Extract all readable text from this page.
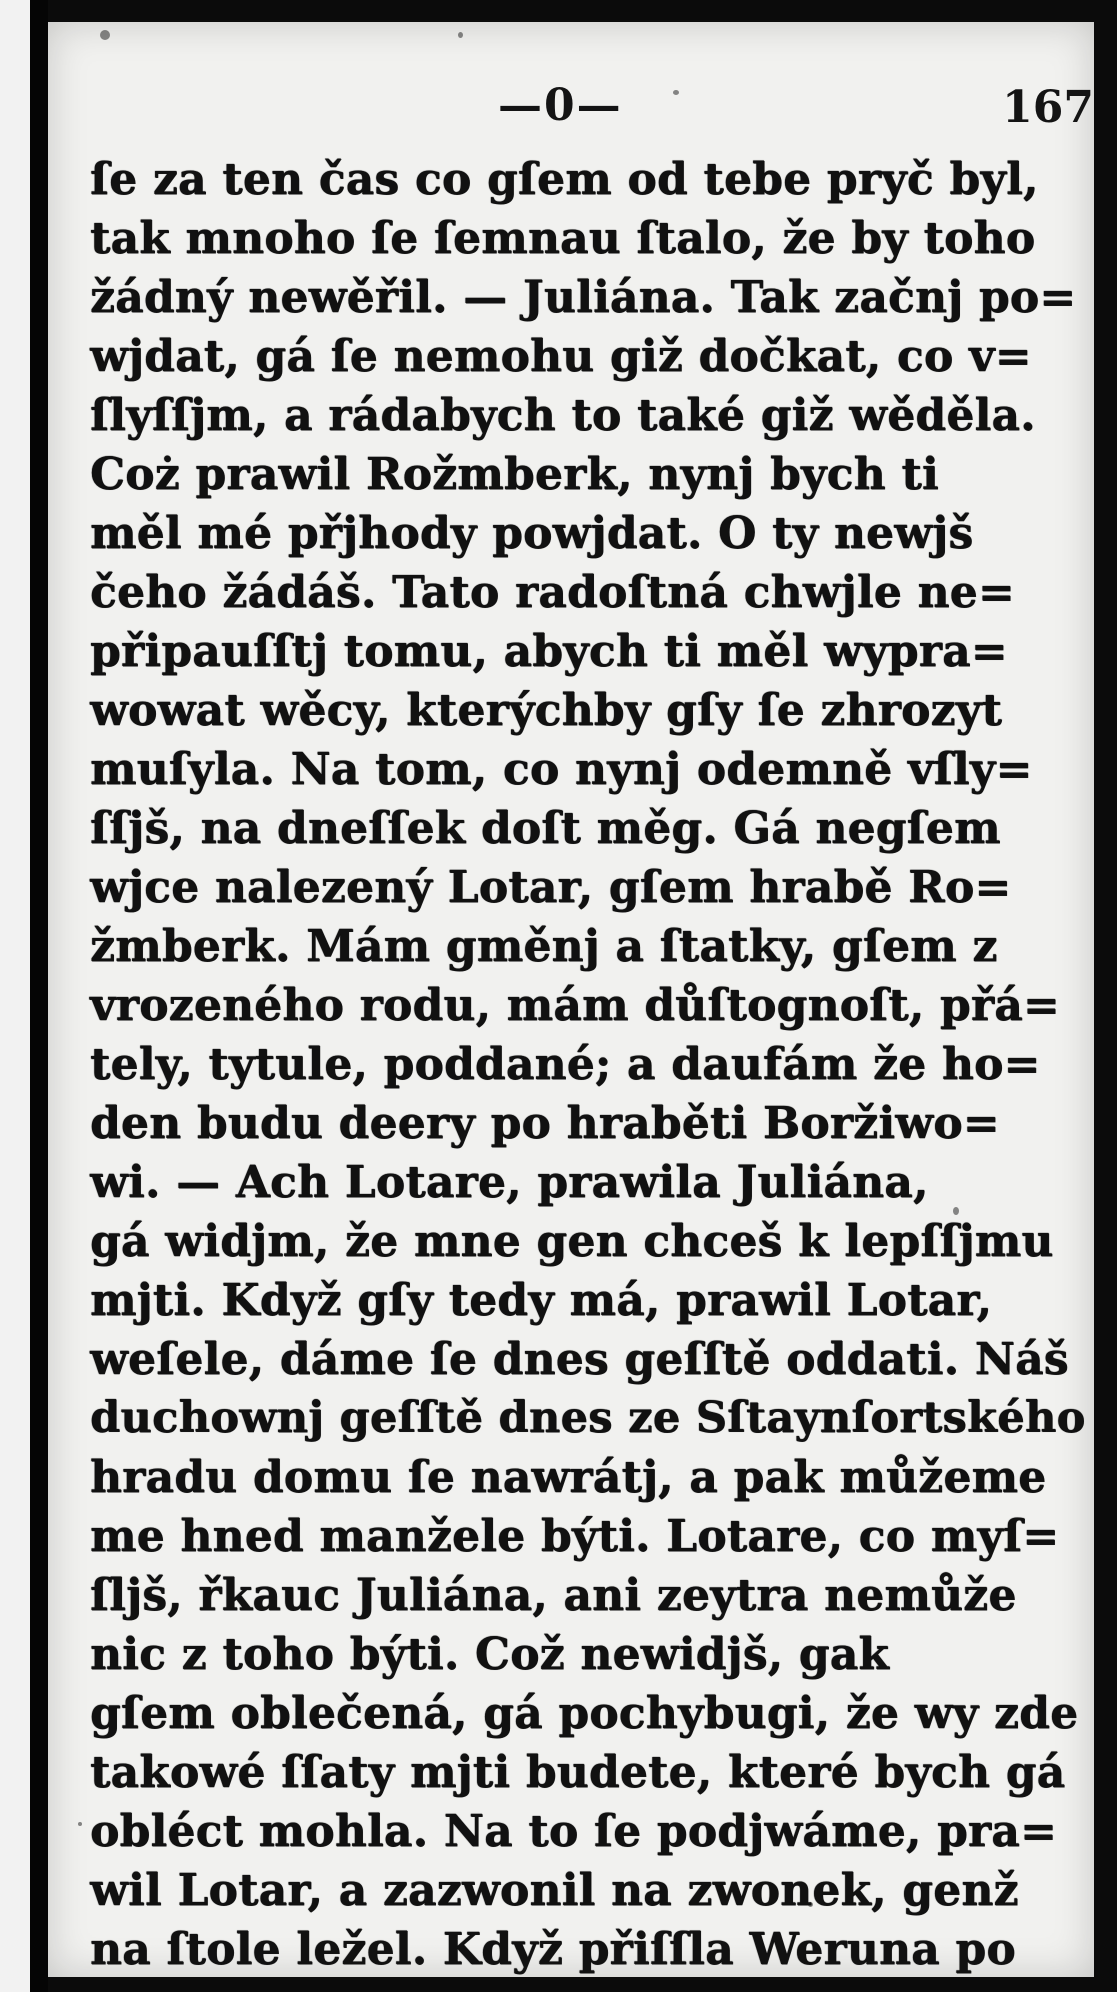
—0—	167
ſe za ten čas co gſem od tebe pryč byl,
tak mnoho ſe ſemnau ſtalo, že by toho
žádný newěřil. — Juliána. Tak začnj po=
wjdat, gá ſe nemohu giž dočkat, co v=
ſlyſſjm, a rádabych to také giž wěděla.
Coż prawil Rožmberk, nynj bych ti
měl mé přjhody powjdat. O ty newjš
čeho žádáš. Tato radoſtná chwjle ne=
připauſſtj tomu, abych ti měl wypra=
wowat wěcy, kterýchby gſy ſe zhrozyt
muſyla. Na tom, co nynj odemně vſly=
ſſjš, na dneſſek doſt měg. Gá negſem
wjce nalezený Lotar, gſem hrabě Ro=
žmberk. Mám gměnj a ſtatky, gſem z
vrozeného rodu, mám důſtognoſt, přá=
tely, tytule, poddané; a daufám že ho=
den budu deery po hraběti Boržiwo=
wi. — Ach Lotare, prawila Juliána,
gá widjm, že mne gen chceš k lepſſjmu
mjti. Když gſy tedy má, prawil Lotar,
weſele, dáme ſe dnes geſſtě oddati. Náš
duchownj geſſtě dnes ze Sſtaynſortského
hradu domu ſe nawrátj, a pak můžeme
me hned manžele býti. Lotare, co myſ=
ſljš, řkauc Juliána, ani zeytra nemůže
nic z toho býti. Což newidjš, gak
gſem oblečená, gá pochybugi, že wy zde
takowé ſſaty mjti budete, které bych gá
obléct mohla. Na to ſe podjwáme, pra=
wil Lotar, a zazwonil na zwonek, genž
na ſtole ležel. Když přiſſla Weruna po
